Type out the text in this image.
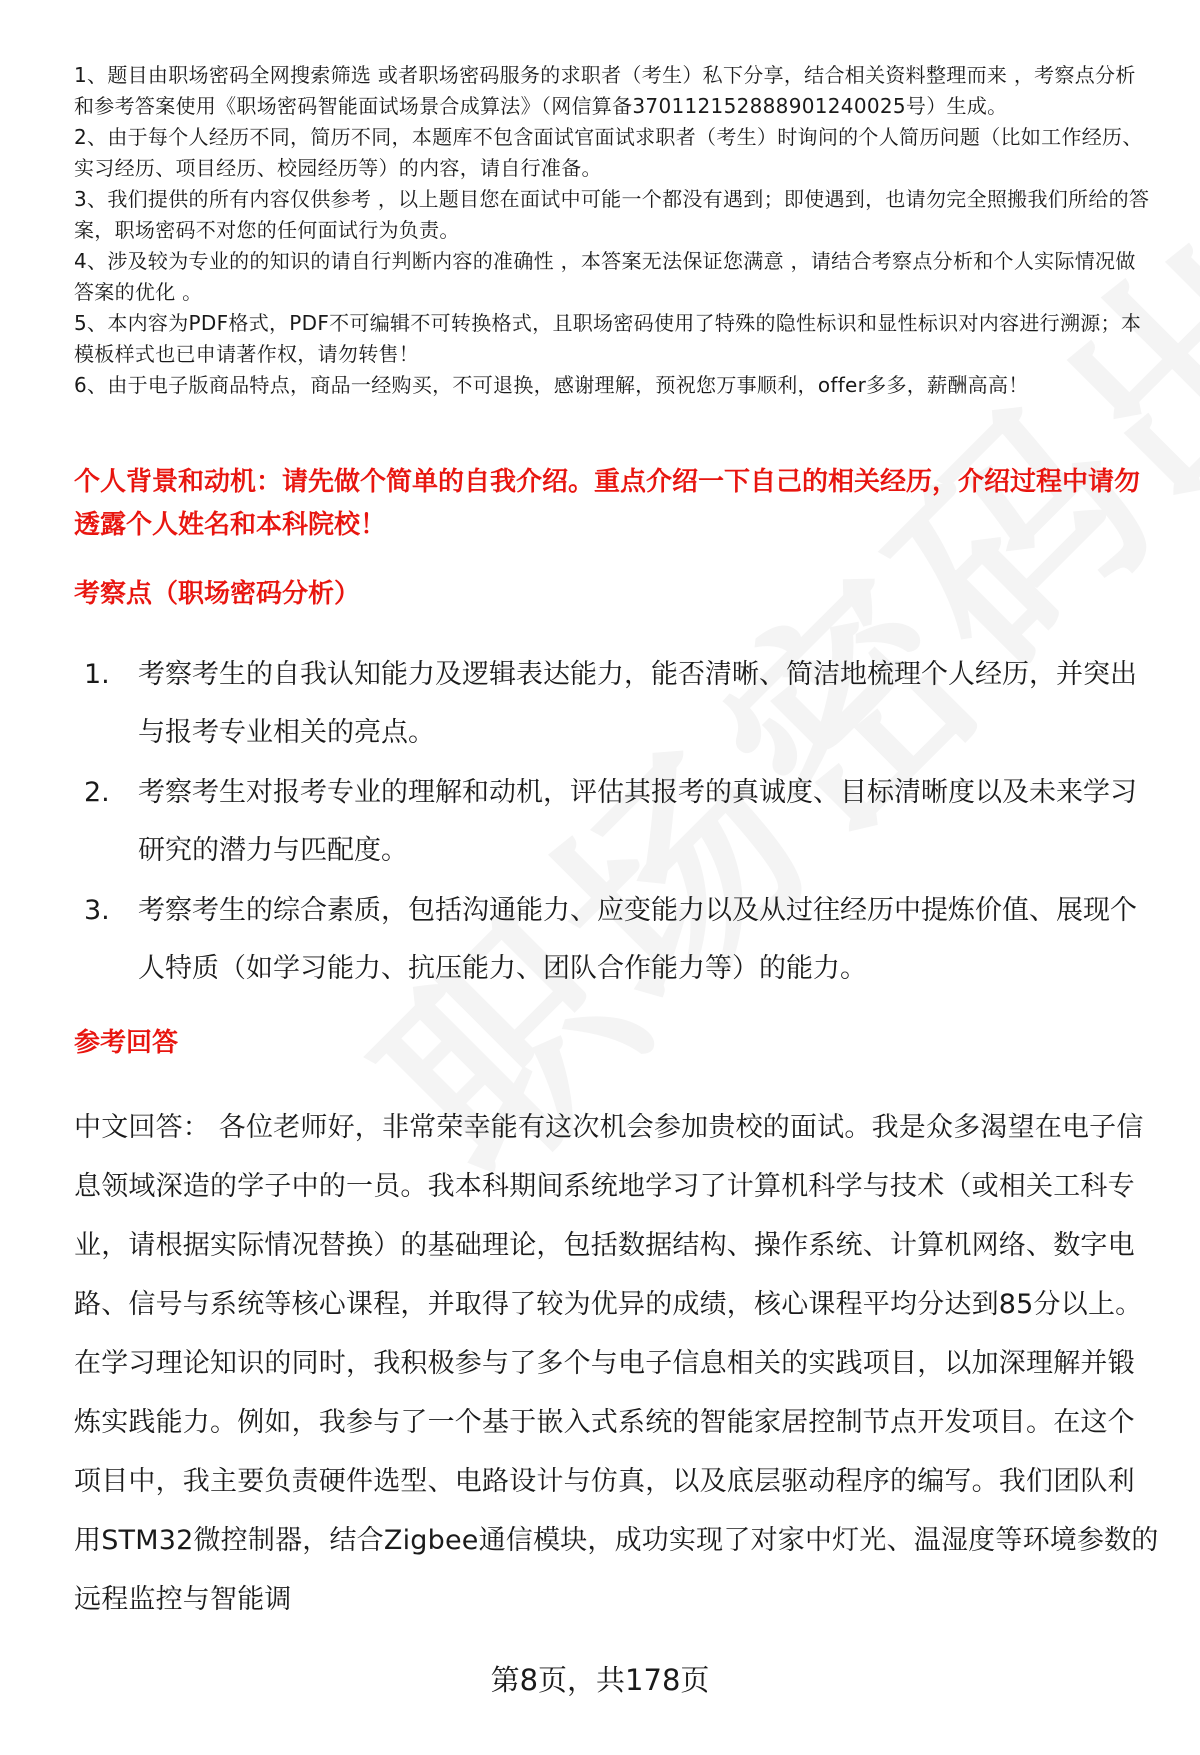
1、题目由职场密码全网搜索筛选 或者职场密码服务的求职者（考生）私下分享，结合相关资料整理而来 ，考察点分析和参考答案使用《职场密码智能面试场景合成算法》（网信算备370112152888901240025号）生成。

2、由于每个人经历不同，简历不同，本题库不包含面试官面试求职者（考生）时询问的个人简历问题（比如工作经历、实习经历、项目经历、校园经历等）的内容，请自行准备。

3、我们提供的所有内容仅供参考 ，以上题目您在面试中可能一个都没有遇到；即使遇到，也请勿完全照搬我们所给的答案，职场密码不对您的任何面试行为负责。

4、涉及较为专业的的知识的请自行判断内容的准确性 ，本答案无法保证您满意 ，请结合考察点分析和个人实际情况做答案的优化 。

5、本内容为PDF格式，PDF不可编辑不可转换格式，且职场密码使用了特殊的隐性标识和显性标识对内容进行溯源；本模板样式也已申请著作权，请勿转售！

6、由于电子版商品特点，商品一经购买，不可退换，感谢理解，预祝您万事顺利，offer多多，薪酬高高！

个人背景和动机：请先做个简单的自我介绍。重点介绍一下自己的相关经历，介绍过程中请勿透露个人姓名和本科院校！

考察点（职场密码分析）

1.	考察考生的自我认知能力及逻辑表达能力，能否清晰、简洁地梳理个人经历，并突出与报考专业相关的亮点。
2.	考察考生对报考专业的理解和动机，评估其报考的真诚度、目标清晰度以及未来学习研究的潜力与匹配度。
3.	考察考生的综合素质，包括沟通能力、应变能力以及从过往经历中提炼价值、展现个人特质（如学习能力、抗压能力、团队合作能力等）的能力。

参考回答

中文回答： 各位老师好，非常荣幸能有这次机会参加贵校的面试。我是众多渴望在电子信息领域深造的学子中的一员。我本科期间系统地学习了计算机科学与技术（或相关工科专业，请根据实际情况替换）的基础理论，包括数据结构、操作系统、计算机网络、数字电路、信号与系统等核心课程，并取得了较为优异的成绩，核心课程平均分达到85分以上。在学习理论知识的同时，我积极参与了多个与电子信息相关的实践项目，以加深理解并锻炼实践能力。例如，我参与了一个基于嵌入式系统的智能家居控制节点开发项目。在这个项目中，我主要负责硬件选型、电路设计与仿真，以及底层驱动程序的编写。我们团队利用STM32微控制器，结合Zigbee通信模块，成功实现了对家中灯光、温湿度等环境参数的远程监控与智能调

第8页，共178页
